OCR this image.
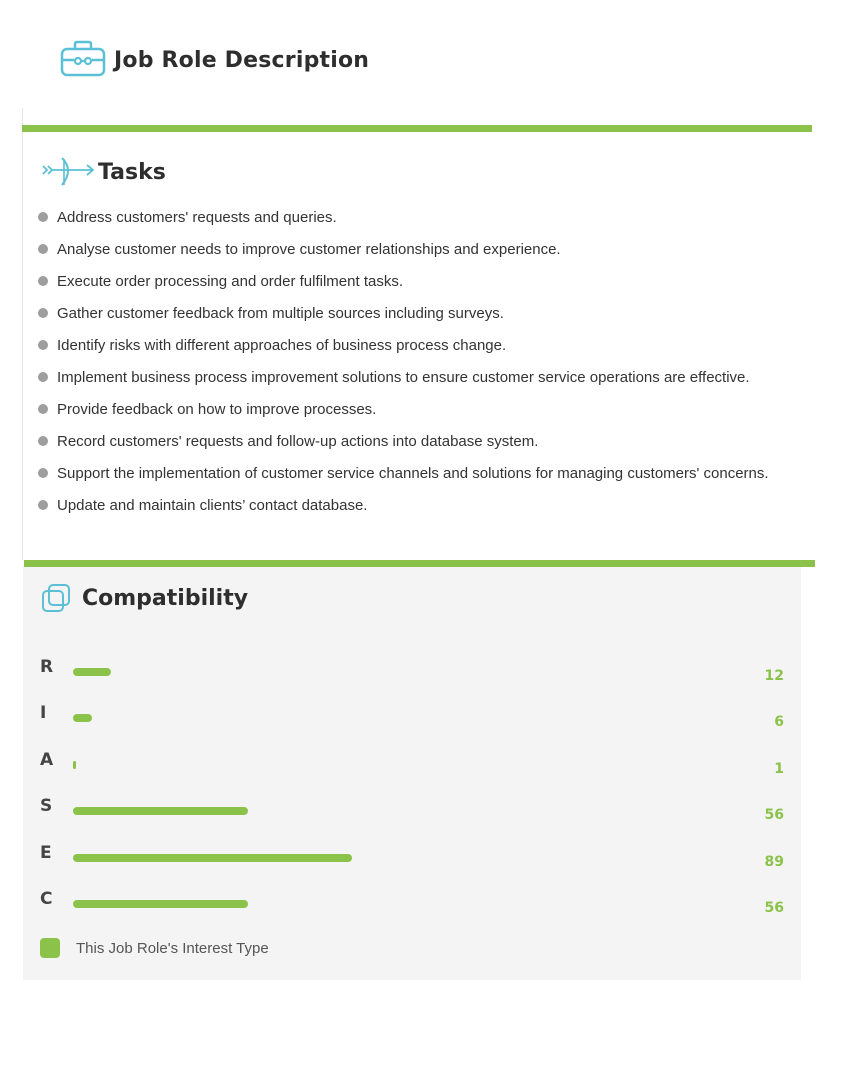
Job Role Description
Tasks
Address customers' requests and queries.
Analyse customer needs to improve customer relationships and experience.
Execute order processing and order fulfilment tasks.
Gather customer feedback from multiple sources including surveys.
Identify risks with different approaches of business process change.
Implement business process improvement solutions to ensure customer service operations are effective.
Provide feedback on how to improve processes.
Record customers' requests and follow-up actions into database system.
Support the implementation of customer service channels and solutions for managing customers' concerns.
Update and maintain clients’ contact database.
Compatibility
R	12
I	6
A	1
S	56
E	89
C	56
This Job Role's Interest Type
